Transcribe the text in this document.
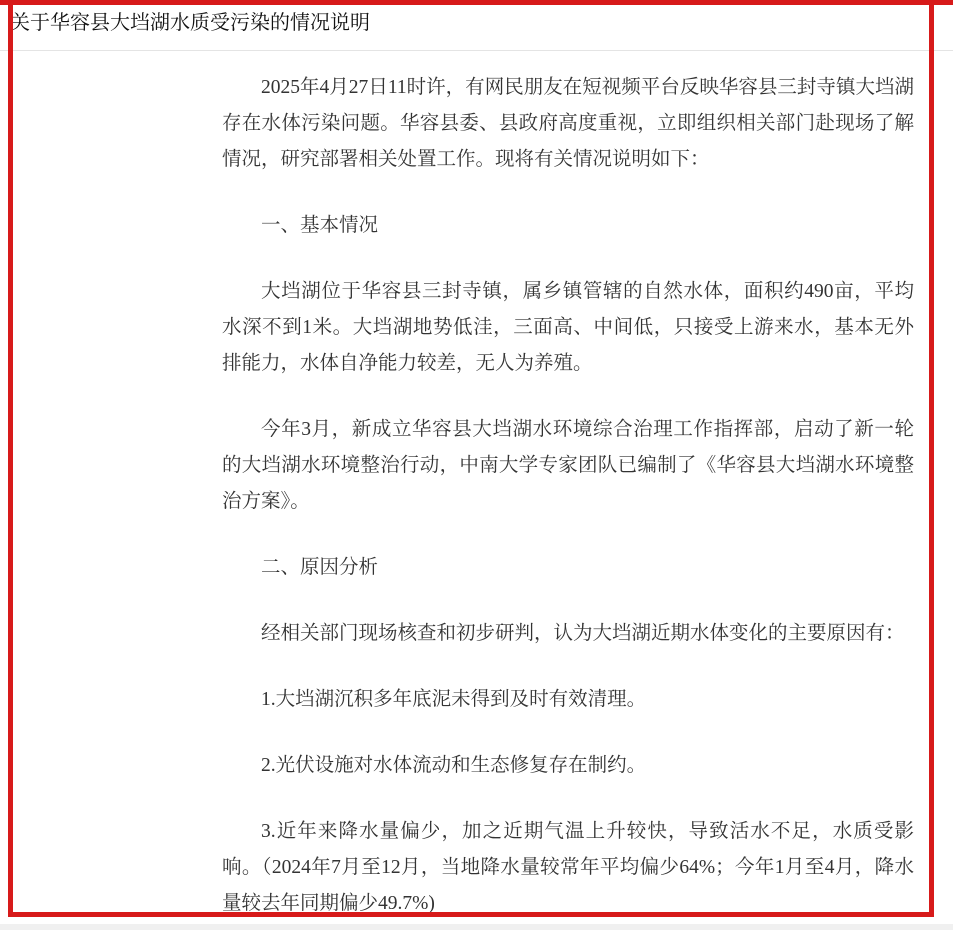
关于华容县大垱湖水质受污染的情况说明

2025年4月27日11时许，有网民朋友在短视频平台反映华容县三封寺镇大垱湖存在水体污染问题。华容县委、县政府高度重视，立即组织相关部门赴现场了解情况，研究部署相关处置工作。现将有关情况说明如下：

一、基本情况

大垱湖位于华容县三封寺镇，属乡镇管辖的自然水体，面积约490亩，平均水深不到1米。大垱湖地势低洼，三面高、中间低，只接受上游来水，基本无外排能力，水体自净能力较差，无人为养殖。

今年3月，新成立华容县大垱湖水环境综合治理工作指挥部，启动了新一轮的大垱湖水环境整治行动，中南大学专家团队已编制了《华容县大垱湖水环境整治方案》。

二、原因分析

经相关部门现场核查和初步研判，认为大垱湖近期水体变化的主要原因有：

1.大垱湖沉积多年底泥未得到及时有效清理。

2.光伏设施对水体流动和生态修复存在制约。

3.近年来降水量偏少，加之近期气温上升较快，导致活水不足，水质受影响。（2024年7月至12月，当地降水量较常年平均偏少64%；今年1月至4月，降水量较去年同期偏少49.7%)
